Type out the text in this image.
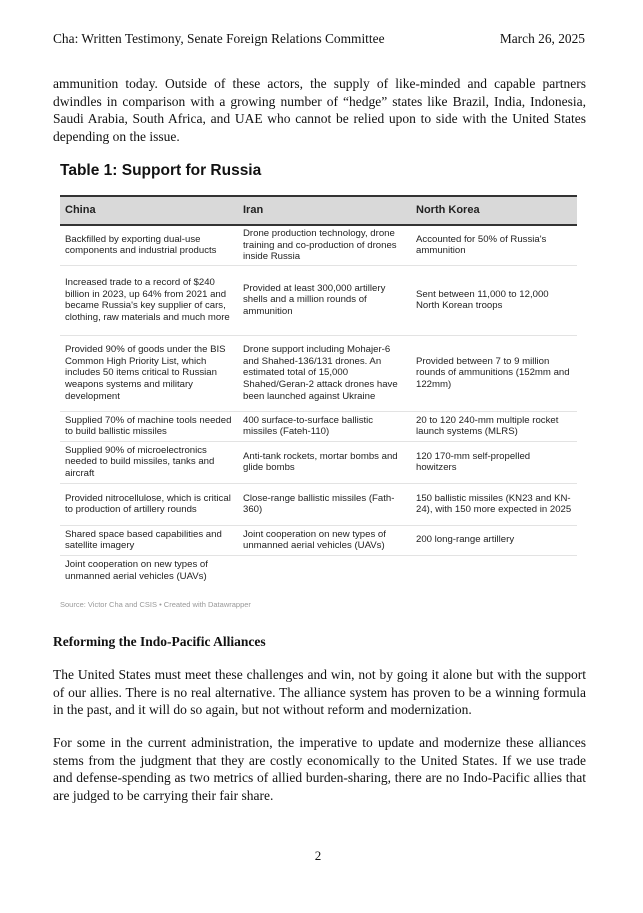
Cha: Written Testimony, Senate Foreign Relations Committee	March 26, 2025

ammunition today. Outside of these actors, the supply of like-minded and capable partners dwindles in comparison with a growing number of “hedge” states like Brazil, India, Indonesia, Saudi Arabia, South Africa, and UAE who cannot be relied upon to side with the United States depending on the issue.

Table 1: Support for Russia
China	Iran	North Korea
Backfilled by exporting dual-use components and industrial products	Drone production technology, drone training and co-production of drones inside Russia	Accounted for 50% of Russia's ammunition
Increased trade to a record of $240 billion in 2023, up 64% from 2021 and became Russia's key supplier of cars, clothing, raw materials and much more	Provided at least 300,000 artillery shells and a million rounds of ammunition	Sent between 11,000 to 12,000 North Korean troops
Provided 90% of goods under the BIS Common High Priority List, which includes 50 items critical to Russian weapons systems and military development	Drone support including Mohajer-6 and Shahed-136/131 drones. An estimated total of 15,000 Shahed/Geran-2 attack drones have been launched against Ukraine	Provided between 7 to 9 million rounds of ammunitions (152mm and 122mm)
Supplied 70% of machine tools needed to build ballistic missiles	400 surface-to-surface ballistic missiles (Fateh-110)	20 to 120 240-mm multiple rocket launch systems (MLRS)
Supplied 90% of microelectronics needed to build missiles, tanks and aircraft	Anti-tank rockets, mortar bombs and glide bombs	120 170-mm self-propelled howitzers
Provided nitrocellulose, which is critical to production of artillery rounds	Close-range ballistic missiles (Fath-360)	150 ballistic missiles (KN23 and KN-24), with 150 more expected in 2025
Shared space based capabilities and satellite imagery	Joint cooperation on new types of unmanned aerial vehicles (UAVs)	200 long-range artillery
Joint cooperation on new types of unmanned aerial vehicles (UAVs)		
Source: Victor Cha and CSIS • Created with Datawrapper
Reforming the Indo-Pacific Alliances

The United States must meet these challenges and win, not by going it alone but with the support of our allies. There is no real alternative. The alliance system has proven to be a winning formula in the past, and it will do so again, but not without reform and modernization.

For some in the current administration, the imperative to update and modernize these alliances stems from the judgment that they are costly economically to the United States. If we use trade and defense-spending as two metrics of allied burden-sharing, there are no Indo-Pacific allies that are judged to be carrying their fair share.

2
